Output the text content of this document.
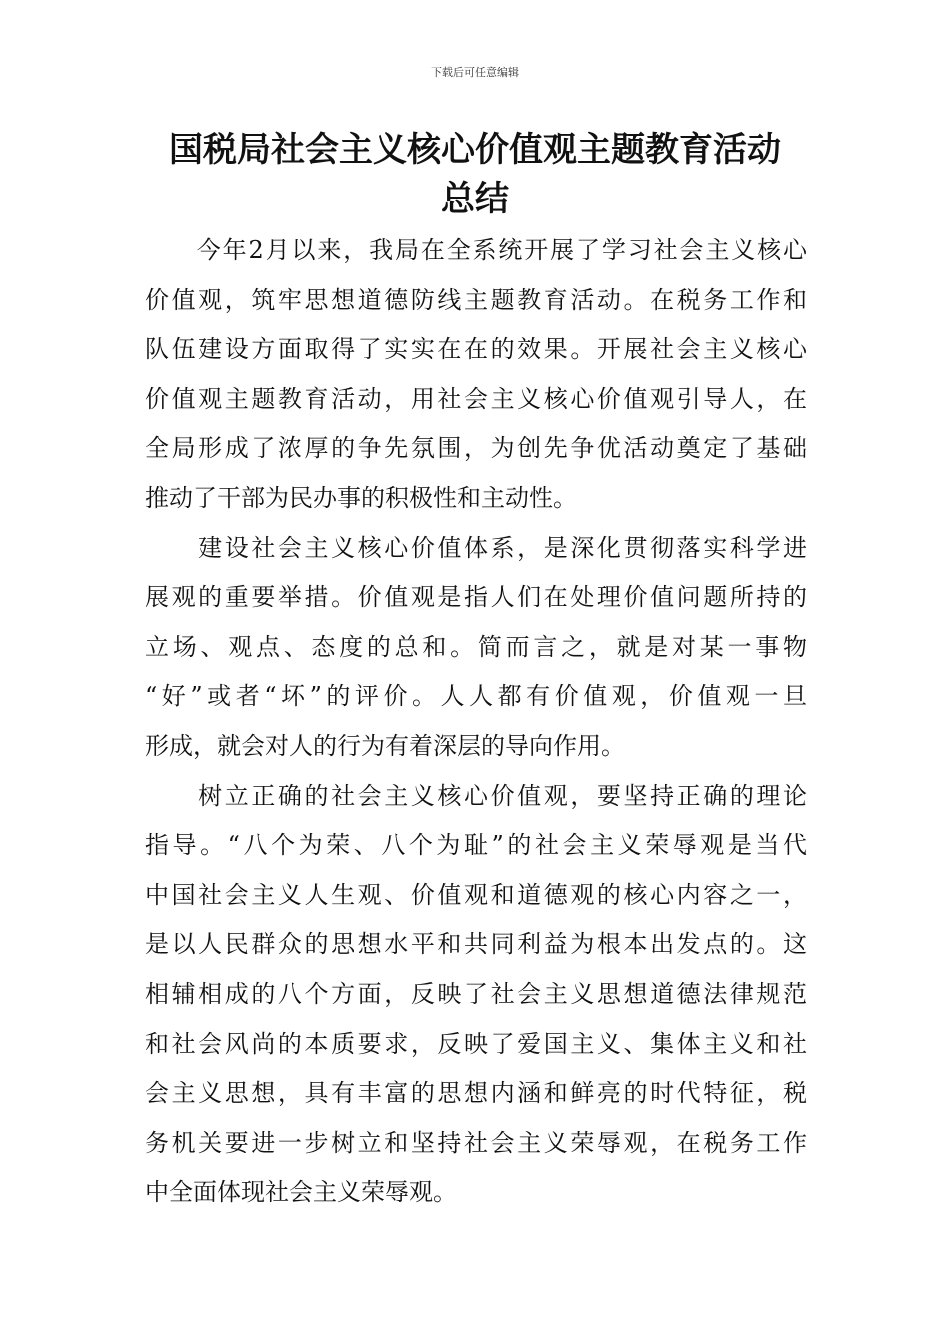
下载后可任意编辑
国税局社会主义核心价值观主题教育活动
总结
　　今年2月以来，我局在全系统开展了学习社会主义核心
价值观，筑牢思想道德防线主题教育活动。在税务工作和
队伍建设方面取得了实实在在的效果。开展社会主义核心
价值观主题教育活动，用社会主义核心价值观引导人，在
全局形成了浓厚的争先氛围，为创先争优活动奠定了基础
推动了干部为民办事的积极性和主动性。
　　建设社会主义核心价值体系，是深化贯彻落实科学进
展观的重要举措。价值观是指人们在处理价值问题所持的
立场、观点、态度的总和。简而言之，就是对某一事物
“好”或者“坏”的评价。人人都有价值观，价值观一旦
形成，就会对人的行为有着深层的导向作用。
　　树立正确的社会主义核心价值观，要坚持正确的理论
指导。“八个为荣、八个为耻”的社会主义荣辱观是当代
中国社会主义人生观、价值观和道德观的核心内容之一，
是以人民群众的思想水平和共同利益为根本出发点的。这
相辅相成的八个方面，反映了社会主义思想道德法律规范
和社会风尚的本质要求，反映了爱国主义、集体主义和社
会主义思想，具有丰富的思想内涵和鲜亮的时代特征，税
务机关要进一步树立和坚持社会主义荣辱观，在税务工作
中全面体现社会主义荣辱观。
